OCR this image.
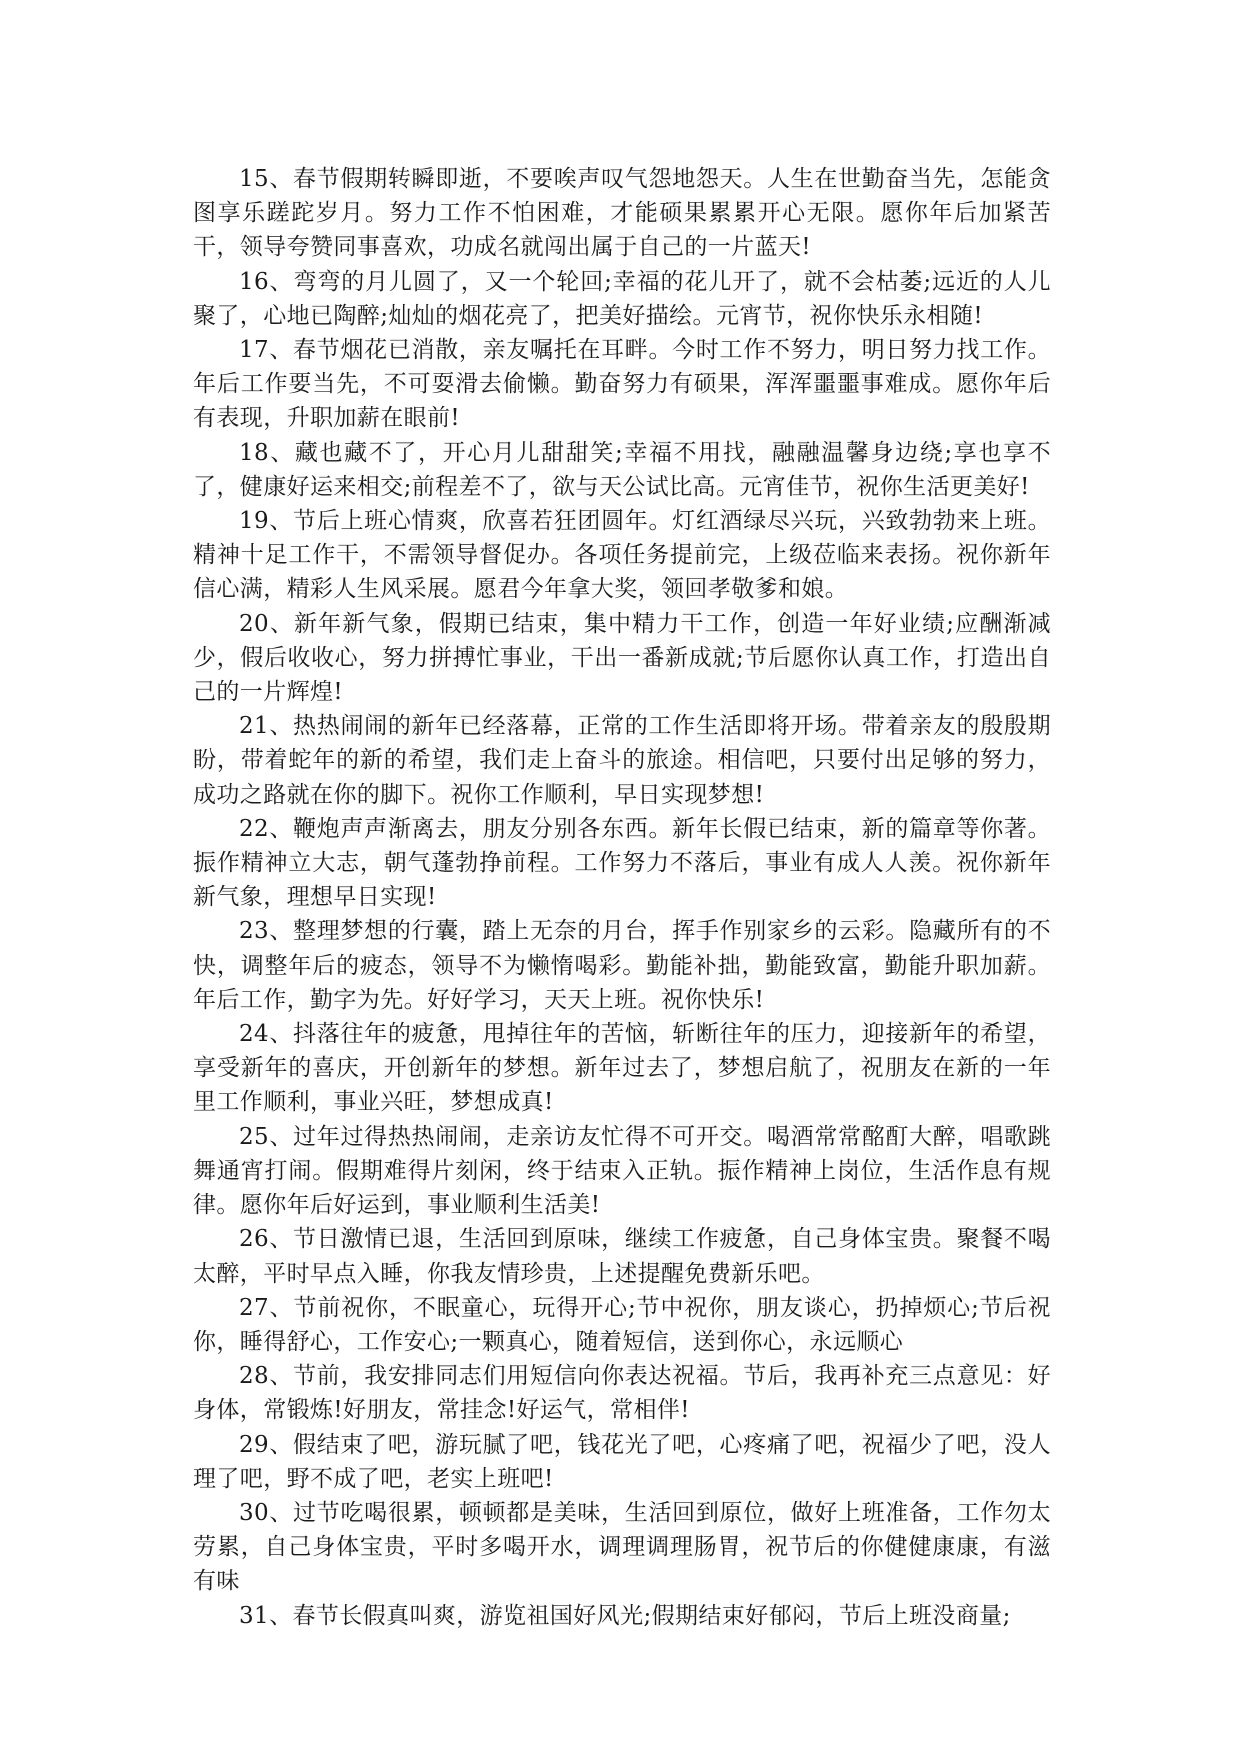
15、春节假期转瞬即逝，不要唉声叹气怨地怨天。人生在世勤奋当先，怎能贪图享乐蹉跎岁月。努力工作不怕困难，才能硕果累累开心无限。愿你年后加紧苦干，领导夸赞同事喜欢，功成名就闯出属于自己的一片蓝天!

16、弯弯的月儿圆了，又一个轮回;幸福的花儿开了，就不会枯萎;远近的人儿聚了，心地已陶醉;灿灿的烟花亮了，把美好描绘。元宵节，祝你快乐永相随!

17、春节烟花已消散，亲友嘱托在耳畔。今时工作不努力，明日努力找工作。年后工作要当先，不可耍滑去偷懒。勤奋努力有硕果，浑浑噩噩事难成。愿你年后有表现，升职加薪在眼前!

18、藏也藏不了，开心月儿甜甜笑;幸福不用找，融融温馨身边绕;享也享不了，健康好运来相交;前程差不了，欲与天公试比高。元宵佳节，祝你生活更美好!

19、节后上班心情爽，欣喜若狂团圆年。灯红酒绿尽兴玩，兴致勃勃来上班。精神十足工作干，不需领导督促办。各项任务提前完，上级莅临来表扬。祝你新年信心满，精彩人生风采展。愿君今年拿大奖，领回孝敬爹和娘。

20、新年新气象，假期已结束，集中精力干工作，创造一年好业绩;应酬渐减少，假后收收心，努力拼搏忙事业，干出一番新成就;节后愿你认真工作，打造出自己的一片辉煌!

21、热热闹闹的新年已经落幕，正常的工作生活即将开场。带着亲友的殷殷期盼，带着蛇年的新的希望，我们走上奋斗的旅途。相信吧，只要付出足够的努力，成功之路就在你的脚下。祝你工作顺利，早日实现梦想!

22、鞭炮声声渐离去，朋友分别各东西。新年长假已结束，新的篇章等你著。振作精神立大志，朝气蓬勃挣前程。工作努力不落后，事业有成人人羡。祝你新年新气象，理想早日实现!

23、整理梦想的行囊，踏上无奈的月台，挥手作别家乡的云彩。隐藏所有的不快，调整年后的疲态，领导不为懒惰喝彩。勤能补拙，勤能致富，勤能升职加薪。年后工作，勤字为先。好好学习，天天上班。祝你快乐!

24、抖落往年的疲惫，甩掉往年的苦恼，斩断往年的压力，迎接新年的希望，享受新年的喜庆，开创新年的梦想。新年过去了，梦想启航了，祝朋友在新的一年里工作顺利，事业兴旺，梦想成真!

25、过年过得热热闹闹，走亲访友忙得不可开交。喝酒常常酩酊大醉，唱歌跳舞通宵打闹。假期难得片刻闲，终于结束入正轨。振作精神上岗位，生活作息有规律。愿你年后好运到，事业顺利生活美!

26、节日激情已退，生活回到原味，继续工作疲惫，自己身体宝贵。聚餐不喝太醉，平时早点入睡，你我友情珍贵，上述提醒免费新乐吧。

27、节前祝你，不眠童心，玩得开心;节中祝你，朋友谈心，扔掉烦心;节后祝你，睡得舒心，工作安心;一颗真心，随着短信，送到你心，永远顺心

28、节前，我安排同志们用短信向你表达祝福。节后，我再补充三点意见：好身体，常锻炼!好朋友，常挂念!好运气，常相伴!

29、假结束了吧，游玩腻了吧，钱花光了吧，心疼痛了吧，祝福少了吧，没人理了吧，野不成了吧，老实上班吧!

30、过节吃喝很累，顿顿都是美味，生活回到原位，做好上班准备，工作勿太劳累，自己身体宝贵，平时多喝开水，调理调理肠胃，祝节后的你健健康康，有滋有味

31、春节长假真叫爽，游览祖国好风光;假期结束好郁闷，节后上班没商量;
